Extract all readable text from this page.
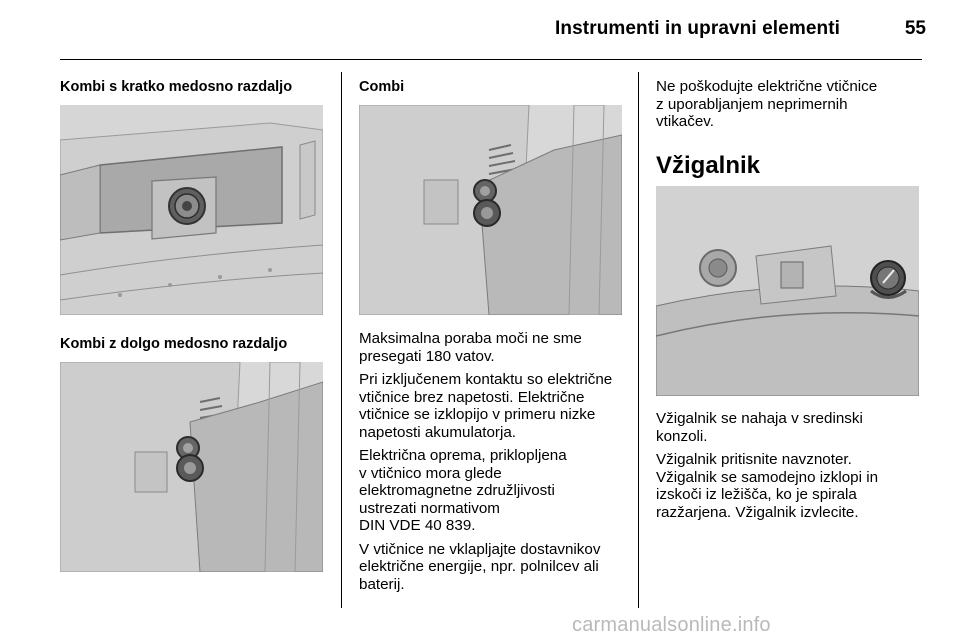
Instrumenti in upravni elementi	55
Kombi s kratko medosno razdaljo
Kombi z dolgo medosno razdaljo
Combi

Maksimalna poraba moči ne sme
presegati 180 vatov.

Pri izključenem kontaktu so električne
vtičnice brez napetosti. Električne
vtičnice se izklopijo v primeru nizke
napetosti akumulatorja.

Električna oprema, priklopljena
v vtičnico mora glede
elektromagnetne združljivosti
ustrezati normativom
DIN VDE 40 839.

V vtičnice ne vklapljajte dostavnikov
električne energije, npr. polnilcev ali
baterij.

Ne poškodujte električne vtičnice
z uporabljanjem neprimernih
vtikačev.

Vžigalnik

Vžigalnik se nahaja v sredinski
konzoli.

Vžigalnik pritisnite navznoter.
Vžigalnik se samodejno izklopi in
izskoči iz ležišča, ko je spirala
razžarjena. Vžigalnik izvlecite.

carmanualsonline.info
